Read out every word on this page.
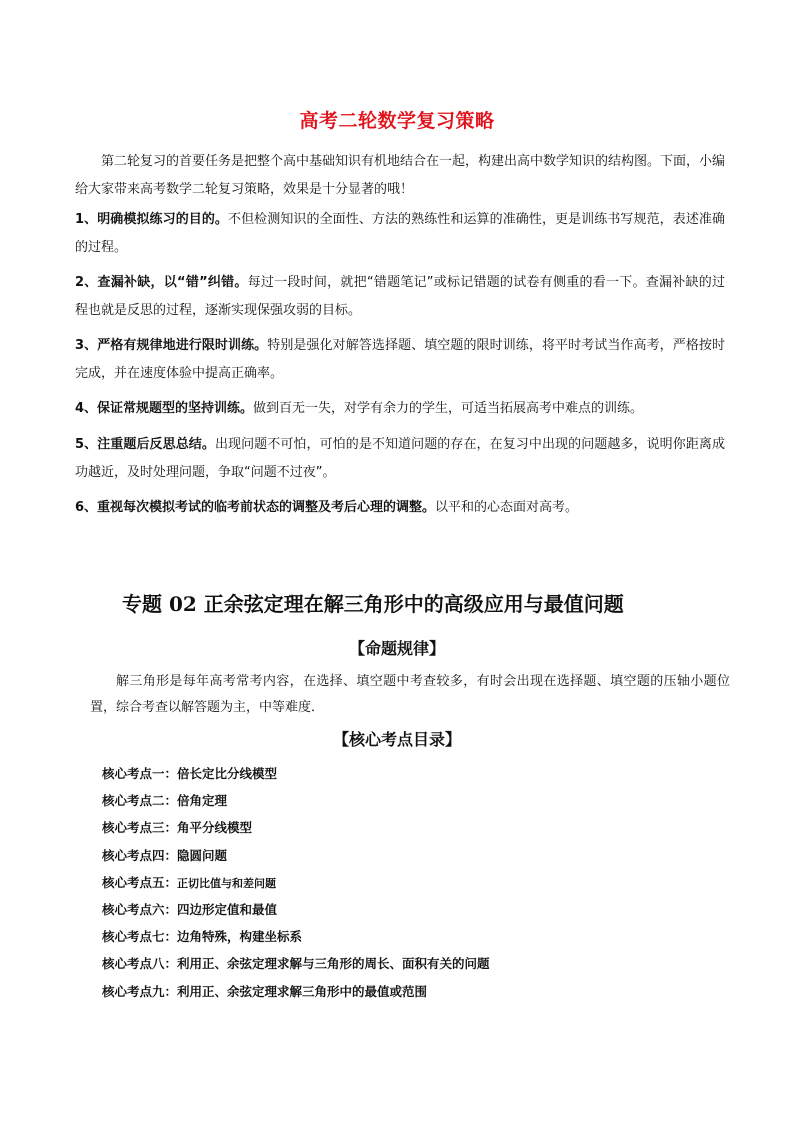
高考二轮数学复习策略
第二轮复习的首要任务是把整个高中基础知识有机地结合在一起，构建出高中数学知识的结构图。下面，小编给大家带来高考数学二轮复习策略，效果是十分显著的哦！
1、明确模拟练习的目的。不但检测知识的全面性、方法的熟练性和运算的准确性，更是训练书写规范，表述准确的过程。
2、查漏补缺，以“错”纠错。每过一段时间，就把“错题笔记”或标记错题的试卷有侧重的看一下。查漏补缺的过程也就是反思的过程，逐渐实现保强攻弱的目标。
3、严格有规律地进行限时训练。特别是强化对解答选择题、填空题的限时训练，将平时考试当作高考，严格按时完成，并在速度体验中提高正确率。
4、保证常规题型的坚持训练。做到百无一失，对学有余力的学生，可适当拓展高考中难点的训练。
5、注重题后反思总结。出现问题不可怕，可怕的是不知道问题的存在，在复习中出现的问题越多，说明你距离成功越近，及时处理问题，争取“问题不过夜”。
6、重视每次模拟考试的临考前状态的调整及考后心理的调整。以平和的心态面对高考。
专题 02 正余弦定理在解三角形中的高级应用与最值问题
【命题规律】
解三角形是每年高考常考内容，在选择、填空题中考查较多，有时会出现在选择题、填空题的压轴小题位置，综合考查以解答题为主，中等难度．
【核心考点目录】
核心考点一：倍长定比分线模型
核心考点二：倍角定理
核心考点三：角平分线模型
核心考点四：隐圆问题
核心考点五：正切比值与和差问题
核心考点六：四边形定值和最值
核心考点七：边角特殊，构建坐标系
核心考点八：利用正、余弦定理求解与三角形的周长、面积有关的问题
核心考点九：利用正、余弦定理求解三角形中的最值或范围
